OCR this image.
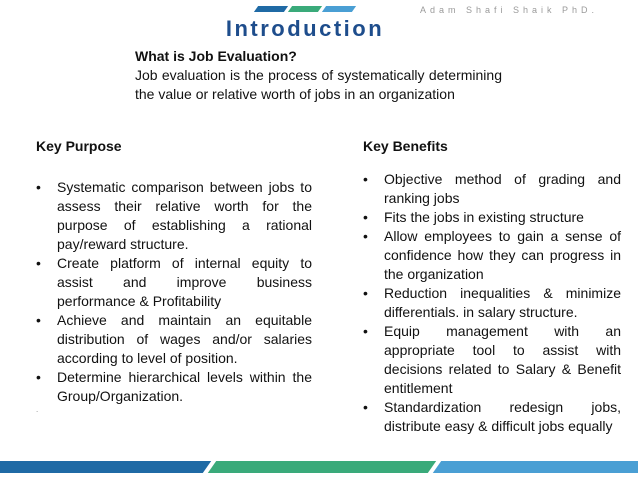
Adam Shafi Shaik PhD.
Introduction
What is Job Evaluation?
Job evaluation is the process of systematically determining the value or relative worth of jobs in an organization
Key Purpose
• Systematic comparison between jobs to assess their relative worth for the purpose of establishing a rational pay/reward structure.
• Create platform of internal equity to assist and improve business performance & Profitability
• Achieve and maintain an equitable distribution of wages and/or salaries according to level of position.
• Determine hierarchical levels within the Group/Organization.
.
Key Benefits
• Objective method of grading and ranking jobs
• Fits the jobs in existing structure
• Allow employees to gain a sense of confidence how they can progress in the organization
• Reduction inequalities & minimize differentials. in salary structure.
• Equip management with an appropriate tool to assist with decisions related to Salary & Benefit entitlement
• Standardization redesign jobs, distribute easy & difficult jobs equally
